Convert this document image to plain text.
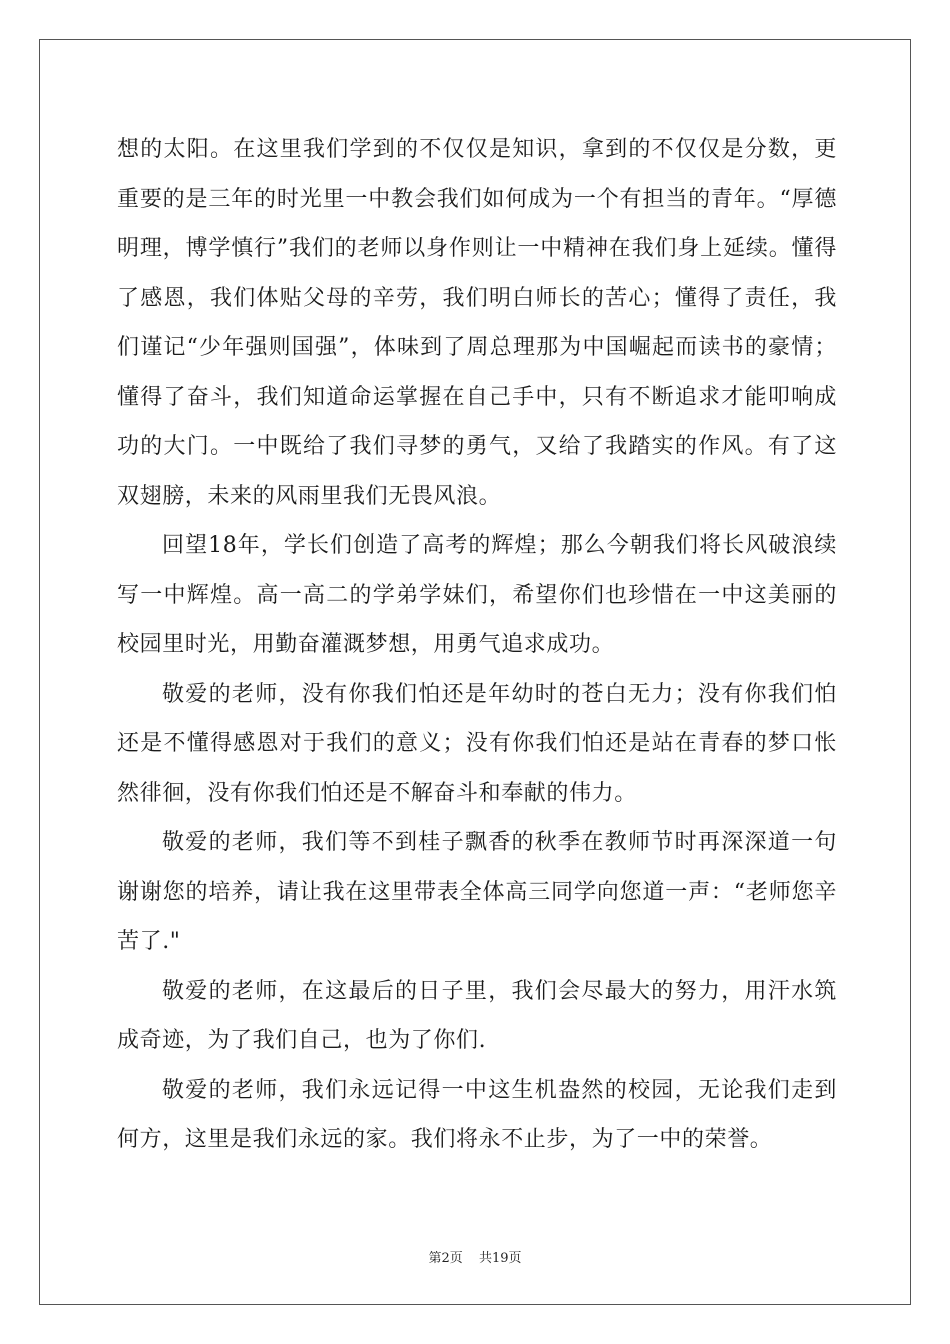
想的太阳。在这里我们学到的不仅仅是知识，拿到的不仅仅是分数，更重要的是三年的时光里一中教会我们如何成为一个有担当的青年。“厚德明理，博学慎行”我们的老师以身作则让一中精神在我们身上延续。懂得了感恩，我们体贴父母的辛劳，我们明白师长的苦心；懂得了责任，我们谨记“少年强则国强”，体味到了周总理那为中国崛起而读书的豪情；懂得了奋斗，我们知道命运掌握在自己手中，只有不断追求才能叩响成功的大门。一中既给了我们寻梦的勇气，又给了我踏实的作风。有了这双翅膀，未来的风雨里我们无畏风浪。

回望18年，学长们创造了高考的辉煌；那么今朝我们将长风破浪续写一中辉煌。高一高二的学弟学妹们，希望你们也珍惜在一中这美丽的校园里时光，用勤奋灌溉梦想，用勇气追求成功。

敬爱的老师，没有你我们怕还是年幼时的苍白无力；没有你我们怕还是不懂得感恩对于我们的意义；没有你我们怕还是站在青春的梦口怅然徘徊，没有你我们怕还是不解奋斗和奉献的伟力。

敬爱的老师，我们等不到桂子飘香的秋季在教师节时再深深道一句谢谢您的培养，请让我在这里带表全体高三同学向您道一声：“老师您辛苦了."

敬爱的老师，在这最后的日子里，我们会尽最大的努力，用汗水筑成奇迹，为了我们自己，也为了你们.

敬爱的老师，我们永远记得一中这生机盎然的校园，无论我们走到何方，这里是我们永远的家。我们将永不止步，为了一中的荣誉。

第2页 共19页
